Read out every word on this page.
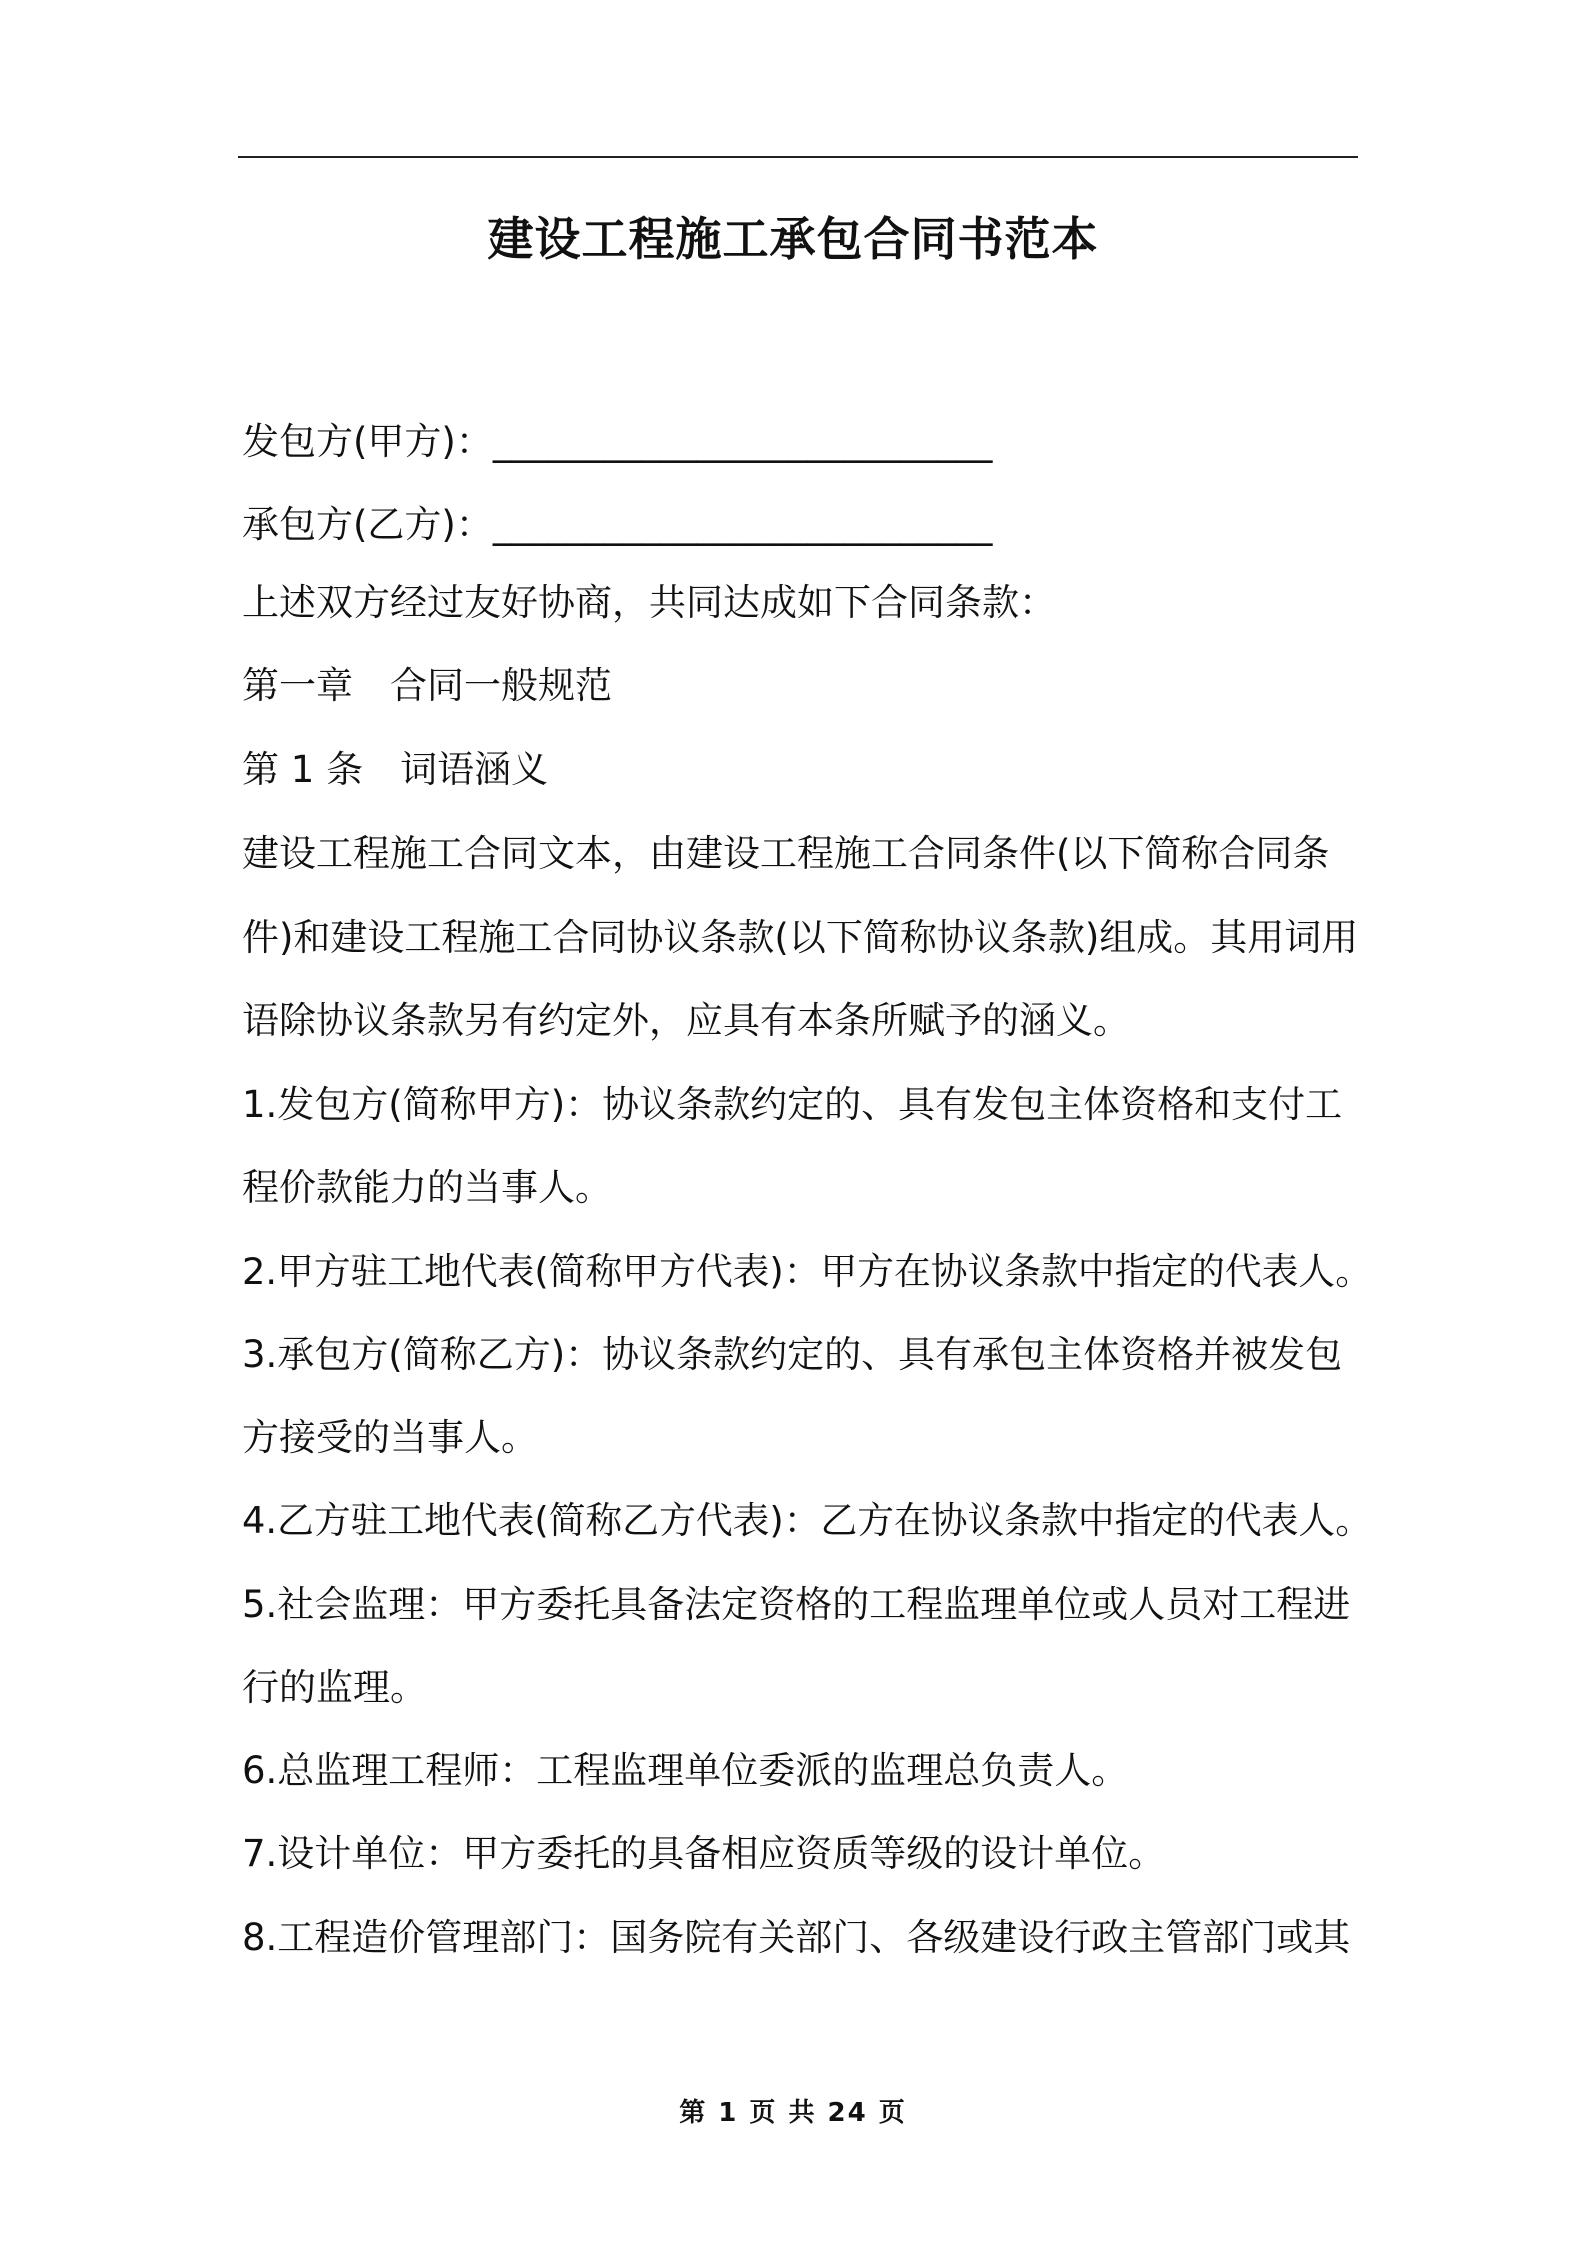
建设工程施工承包合同书范本
发包方(甲方)：___________________________
承包方(乙方)：___________________________
上述双方经过友好协商，共同达成如下合同条款：
第一章　合同一般规范
第 1 条　词语涵义
建设工程施工合同文本，由建设工程施工合同条件(以下简称合同条
件)和建设工程施工合同协议条款(以下简称协议条款)组成。其用词用
语除协议条款另有约定外，应具有本条所赋予的涵义。
1.发包方(简称甲方)：协议条款约定的、具有发包主体资格和支付工
程价款能力的当事人。
2.甲方驻工地代表(简称甲方代表)：甲方在协议条款中指定的代表人。
3.承包方(简称乙方)：协议条款约定的、具有承包主体资格并被发包
方接受的当事人。
4.乙方驻工地代表(简称乙方代表)：乙方在协议条款中指定的代表人。
5.社会监理：甲方委托具备法定资格的工程监理单位或人员对工程进
行的监理。
6.总监理工程师：工程监理单位委派的监理总负责人。
7.设计单位：甲方委托的具备相应资质等级的设计单位。
8.工程造价管理部门：国务院有关部门、各级建设行政主管部门或其
第 1 页 共 24 页
